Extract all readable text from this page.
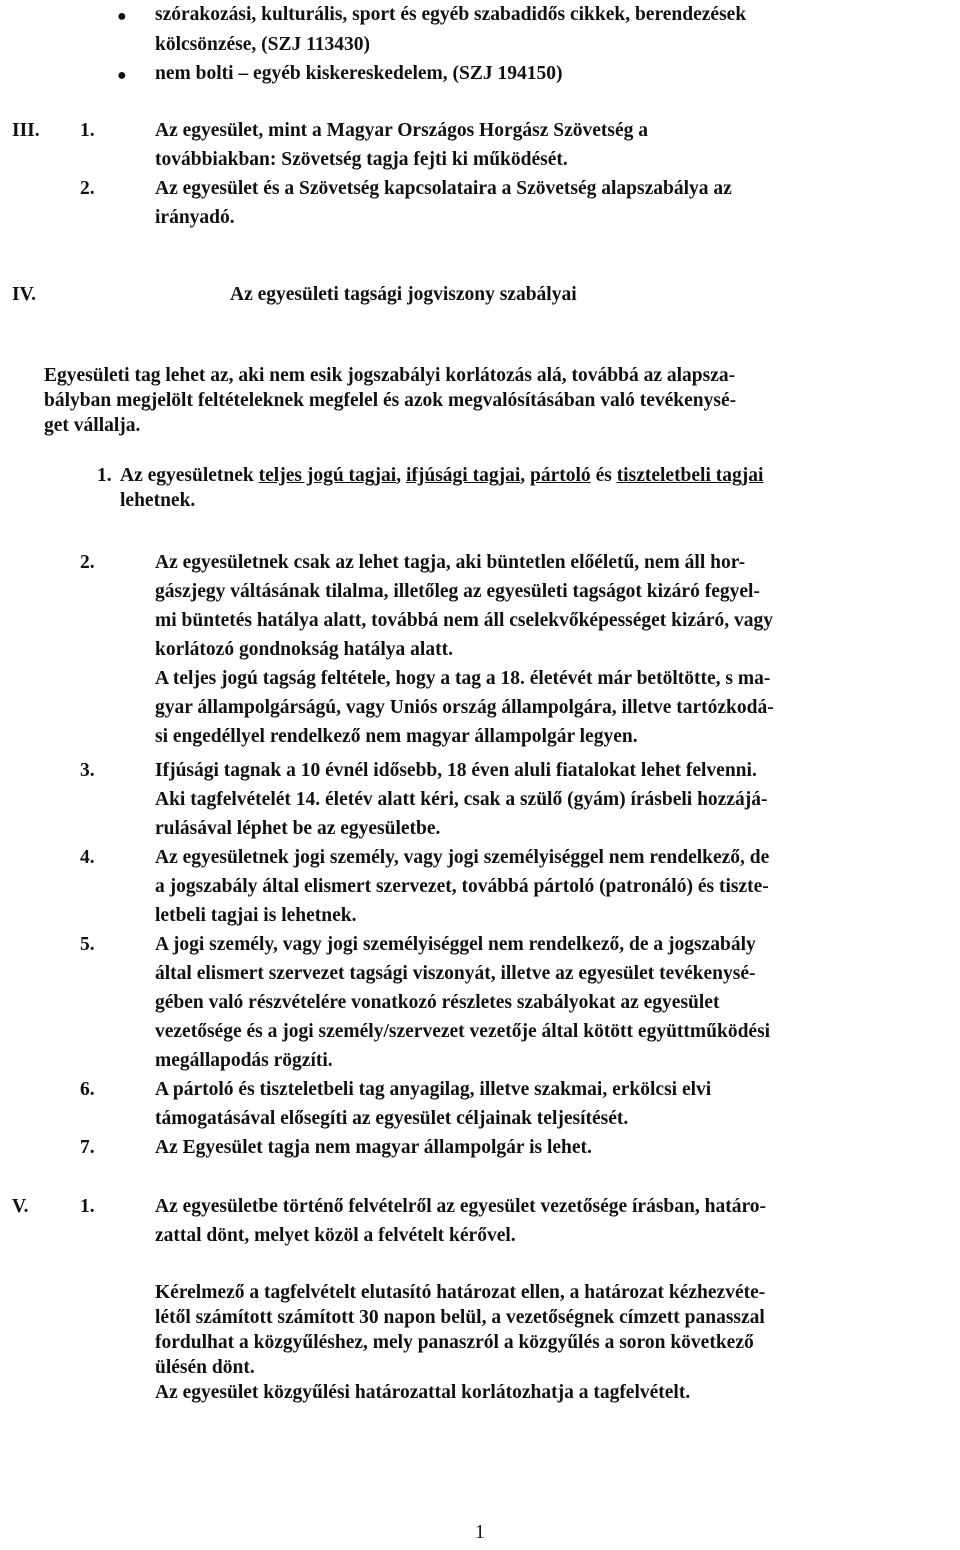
● szórakozási, kulturális, sport és egyéb szabadidős cikkek, berendezések
kölcsönzése, (SZJ 113430)
● nem bolti – egyéb kiskereskedelem, (SZJ 194150)
III. 1.	Az egyesület, mint a Magyar Országos Horgász Szövetség a
továbbiakban: Szövetség tagja fejti ki működését.
2.	Az egyesület és a Szövetség kapcsolataira a Szövetség alapszabálya az
irányadó.
IV.	Az egyesületi tagsági jogviszony szabályai
Egyesületi tag lehet az, aki nem esik jogszabályi korlátozás alá, továbbá az alapsza-
bályban megjelölt feltételeknek megfelel és azok megvalósításában való tevékenysé-
get vállalja.
1. Az egyesületnek teljes jogú tagjai, ifjúsági tagjai, pártoló és tiszteletbeli tagjai
lehetnek.
2.	Az egyesületnek csak az lehet tagja, aki büntetlen előéletű, nem áll hor-
gászjegy váltásának tilalma, illetőleg az egyesületi tagságot kizáró fegyel-
mi büntetés hatálya alatt, továbbá nem áll cselekvőképességet kizáró, vagy
korlátozó gondnokság hatálya alatt.
A teljes jogú tagság feltétele, hogy a tag a 18. életévét már betöltötte, s ma-
gyar állampolgárságú, vagy Uniós ország állampolgára, illetve tartózkodá-
si engedéllyel rendelkező nem magyar állampolgár legyen.
3.	Ifjúsági tagnak a 10 évnél idősebb, 18 éven aluli fiatalokat lehet felvenni.
Aki tagfelvételét 14. életév alatt kéri, csak a szülő (gyám) írásbeli hozzájá-
rulásával léphet be az egyesületbe.
4.	Az egyesületnek jogi személy, vagy jogi személyiséggel nem rendelkező, de
a jogszabály által elismert szervezet, továbbá pártoló (patronáló) és tiszte-
letbeli tagjai is lehetnek.
5.	A jogi személy, vagy jogi személyiséggel nem rendelkező, de a jogszabály
által elismert szervezet tagsági viszonyát, illetve az egyesület tevékenysé-
gében való részvételére vonatkozó részletes szabályokat az egyesület
vezetősége és a jogi személy/szervezet vezetője által kötött együttműködési
megállapodás rögzíti.
6.	A pártoló és tiszteletbeli tag anyagilag, illetve szakmai, erkölcsi elvi
támogatásával elősegíti az egyesület céljainak teljesítését.
7.	Az Egyesület tagja nem magyar állampolgár is lehet.
V.	1.	Az egyesületbe történő felvételről az egyesület vezetősége írásban, határo-
zattal dönt, melyet közöl a felvételt kérővel.
Kérelmező a tagfelvételt elutasító határozat ellen, a határozat kézhezvéte-
létől számított számított 30 napon belül, a vezetőségnek címzett panasszal
fordulhat a közgyűléshez, mely panaszról a közgyűlés a soron következő
ülésén dönt.
Az egyesület közgyűlési határozattal korlátozhatja a tagfelvételt.
1
